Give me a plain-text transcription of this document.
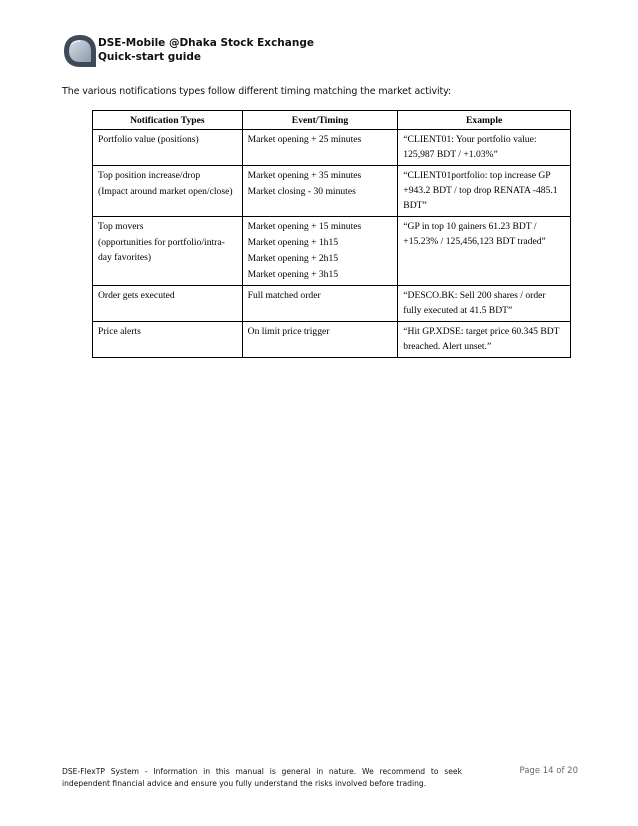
DSE-Mobile @Dhaka Stock Exchange
Quick-start guide
The various notifications types follow different timing matching the market activity:
Notification Types	Event/Timing	Example

Portfolio value (positions)	Market opening + 25 minutes	“CLIENT01: Your portfolio value: 125,987 BDT / +1.03%”

Top position increase/drop
(Impact around market open/close)	Market opening + 35 minutes
Market closing - 30 minutes	“CLIENT01portfolio: top increase GP +943.2 BDT / top drop RENATA -485.1 BDT”

Top movers
(opportunities for portfolio/intra-day favorites)	Market opening + 15 minutes
Market opening + 1h15
Market opening + 2h15
Market opening + 3h15	“GP in top 10 gainers 61.23 BDT / +15.23% / 125,456,123 BDT traded”

Order gets executed	Full matched order	“DESCO.BK: Sell 200 shares / order fully executed at 41.5 BDT”

Price alerts	On limit price trigger	“Hit GP.XDSE: target price 60.345 BDT breached. Alert unset.”
DSE-FlexTP System - Information in this manual is general in nature. We recommend to seek independent financial advice and ensure you fully understand the risks involved before trading.
Page 14 of 20
